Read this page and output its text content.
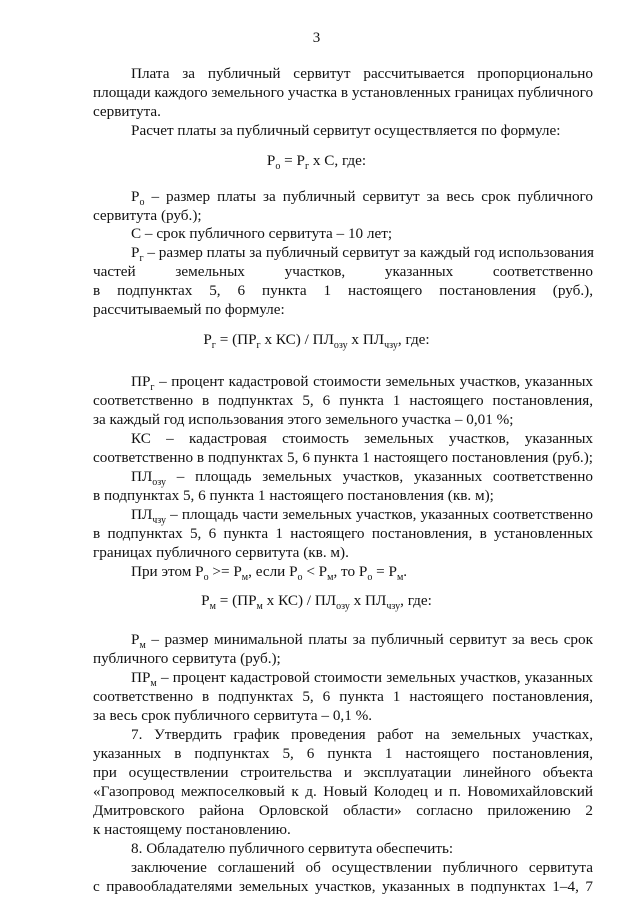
3
Плата за публичный сервитут рассчитывается пропорционально
площади каждого земельного участка в установленных границах публичного
сервитута.
Расчет платы за публичный сервитут осуществляется по формуле:
$Р_о = Р_г$ x С, где:
$Р_о$ – размер платы за публичный сервитут за весь срок публичного
сервитута (руб.);
С – срок публичного сервитута – 10 лет;
$Р_г$ – размер платы за публичный сервитут за каждый год использования
частей земельных участков, указанных соответственно
в подпунктах 5, 6 пункта 1 настоящего постановления (руб.),
рассчитываемый по формуле:
$Р_г = (ПР_г$ x $КС) / ПЛ_{озу}$ x $ПЛ_{чзу}$, где:
$ПР_г$ – процент кадастровой стоимости земельных участков, указанных
соответственно в подпунктах 5, 6 пункта 1 настоящего постановления,
за каждый год использования этого земельного участка – 0,01 %;
КС – кадастровая стоимость земельных участков, указанных
соответственно в подпунктах 5, 6 пункта 1 настоящего постановления (руб.);
$ПЛ_{озу}$ – площадь земельных участков, указанных соответственно
в подпунктах 5, 6 пункта 1 настоящего постановления (кв. м);
$ПЛ_{чзу}$ – площадь части земельных участков, указанных соответственно
в подпунктах 5, 6 пункта 1 настоящего постановления, в установленных
границах публичного сервитута (кв. м).
При этом $Р_о >= Р_м$, если $Р_о < Р_м$, то $Р_о = Р_м$.
$Р_м = (ПР_м$ x $КС) / ПЛ_{озу}$ x $ПЛ_{чзу}$, где:
$Р_м$ – размер минимальной платы за публичный сервитут за весь срок
публичного сервитута (руб.);
$ПР_м$ – процент кадастровой стоимости земельных участков, указанных
соответственно в подпунктах 5, 6 пункта 1 настоящего постановления,
за весь срок публичного сервитута – 0,1 %.
7. Утвердить график проведения работ на земельных участках,
указанных в подпунктах 5, 6 пункта 1 настоящего постановления,
при осуществлении строительства и эксплуатации линейного объекта
«Газопровод межпоселковый к д. Новый Колодец и п. Новомихайловский
Дмитровского района Орловской области» согласно приложению 2
к настоящему постановлению.
8. Обладателю публичного сервитута обеспечить:
заключение соглашений об осуществлении публичного сервитута
с правообладателями земельных участков, указанных в подпунктах 1–4, 7
